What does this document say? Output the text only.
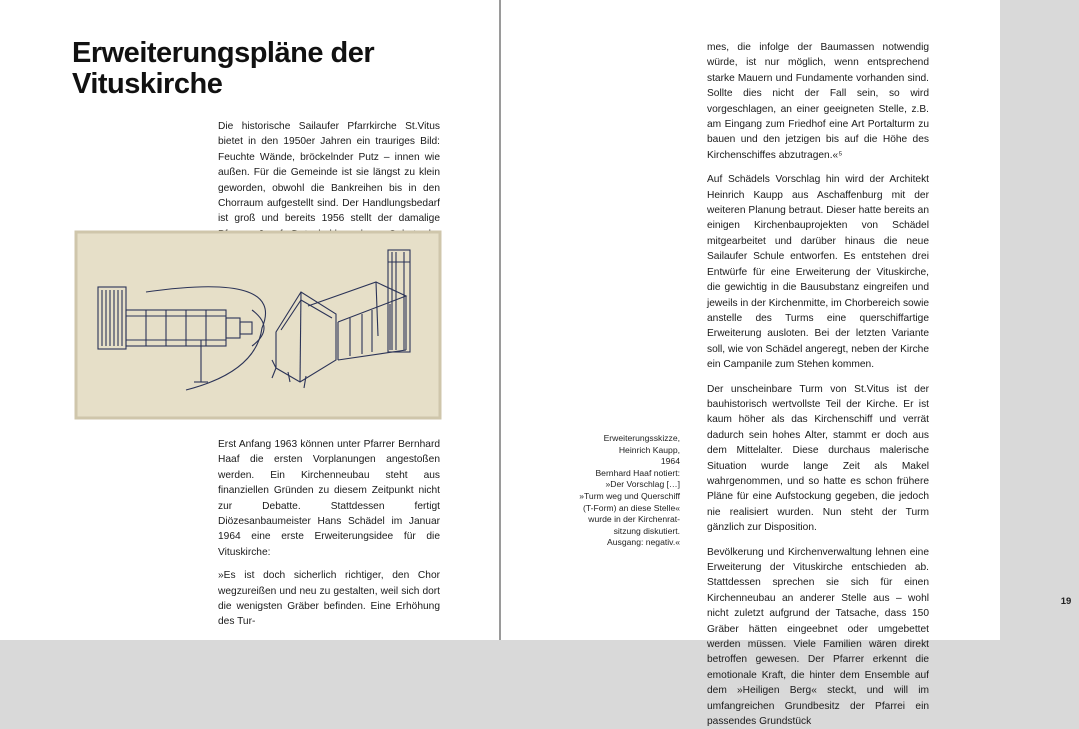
Erweiterungspläne der Vituskirche

Die historische Sailaufer Pfarrkirche St.Vitus bietet in den 1950er Jahren ein trauriges Bild: Feuchte Wände, bröckelnder Putz – innen wie außen. Für die Gemeinde ist sie längst zu klein geworden, obwohl die Bankreihen bis in den Chorraum aufgestellt sind. Der Handlungsbedarf ist groß und bereits 1956 stellt der damalige

Erst Anfang 1963 können unter Pfarrer Bernhard Haaf die ersten Vorplanungen angestoßen werden. Ein Kirchenneubau steht aus finanziellen Gründen zu diesem Zeitpunkt nicht zur Debatte. Stattdessen fertigt Diözesanbaumeister Hans Schädel im Januar 1964 eine erste Erweiterungsidee für die Vituskirche:

»Es ist doch sicherlich richtiger, den Chor wegzureißen und neu zu gestalten, weil sich dort die wenigsten Gräber befinden. Eine Erhöhung des Tur-

Erweiterungsskizze,

Heinrich Kaupp,

1964

Bernhard Haaf notiert:

»Der Vorschlag […]

»Turm weg und Querschiff

(T-Form) an diese Stelle«

wurde in der Kirchenrat-

sitzung diskutiert.

Ausgang: negativ.«

19

mes, die infolge der Baumassen notwendig würde, ist nur möglich, wenn entsprechend starke Mauern und Fundamente vorhanden sind. Sollte dies nicht der Fall sein, so wird vorgeschlagen, an einer geeigneten Stelle, z.B. am Eingang zum Friedhof eine Art Portalturm zu bauen und den jetzigen bis auf die Höhe des Kirchenschiffes abzutragen.«⁵

Auf Schädels Vorschlag hin wird der Architekt Heinrich Kaupp aus Aschaffenburg mit der weiteren Planung betraut. Dieser hatte bereits an einigen Kirchenbauprojekten von Schädel mitgearbeitet und darüber hinaus die neue Sailaufer Schule entworfen. Es entstehen drei Entwürfe für eine Erweiterung der Vituskirche, die gewichtig in die Bausubstanz eingreifen und jeweils in der Kirchenmitte, im Chorbereich sowie anstelle des Turms eine querschiffartige Erweiterung ausloten. Bei der letzten Variante soll, wie von Schädel angeregt, neben der Kirche ein Campanile zum Stehen kommen.

Der unscheinbare Turm von St.Vitus ist der bauhistorisch wertvollste Teil der Kirche. Er ist kaum höher als das Kirchenschiff und verrät dadurch sein hohes Alter, stammt er doch aus dem Mittelalter. Diese durchaus malerische Situation wurde lange Zeit als Makel wahrgenommen, und so hatte es schon frühere Pläne für eine Aufstockung gegeben, die jedoch nie realisiert wurden. Nun steht der Turm gänzlich zur Disposition.

Bevölkerung und Kirchenverwaltung lehnen eine Erweiterung der Vituskirche entschieden ab. Stattdessen sprechen sie sich für einen Kirchenneubau an anderer Stelle aus – wohl nicht zuletzt aufgrund der Tatsache, dass 150 Gräber hätten eingeebnet oder umgebettet werden müssen. Viele Familien wären direkt betroffen gewesen. Der Pfarrer erkennt die emotionale Kraft, die hinter dem Ensemble auf dem »Heiligen Berg« steckt, und will im umfangreichen Grundbesitz der Pfarrei ein passendes Grundstück
